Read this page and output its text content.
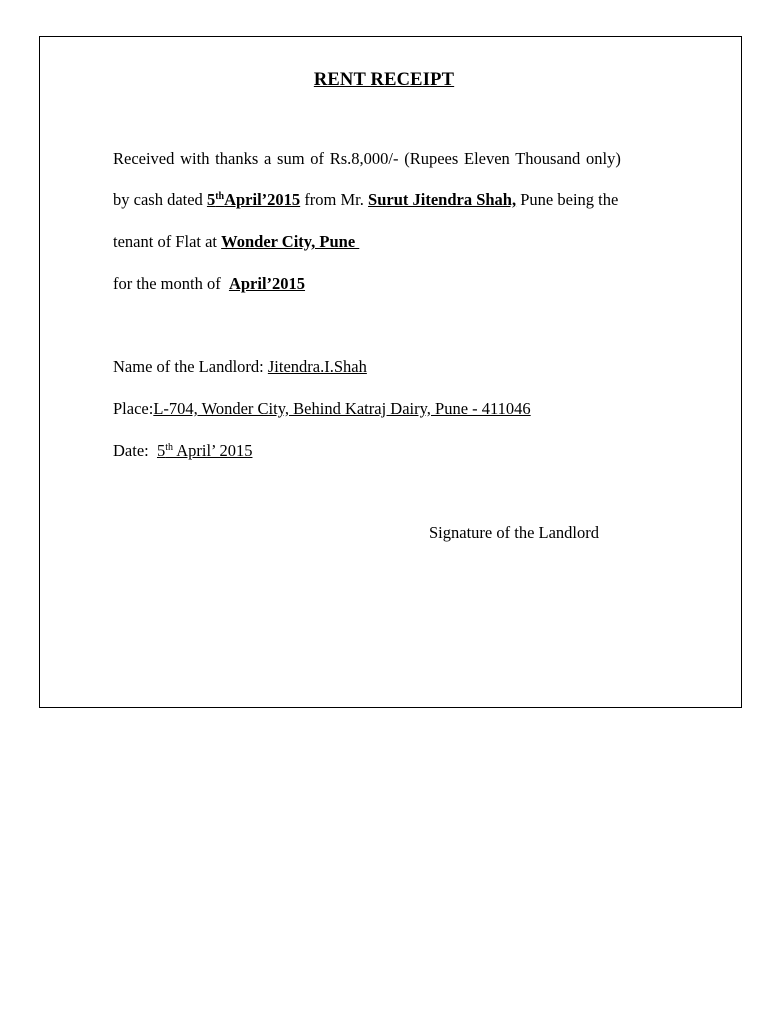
RENT RECEIPT
Received with thanks a sum of Rs.8,000/- (Rupees Eleven Thousand only)
by cash dated 5thApril’2015 from Mr. Surut Jitendra Shah, Pune being the
tenant of Flat at Wonder City, Pune
for the month of  April’2015
Name of the Landlord: Jitendra.I.Shah
Place:L-704, Wonder City, Behind Katraj Dairy, Pune - 411046
Date:  5th April’ 2015
Signature of the Landlord
